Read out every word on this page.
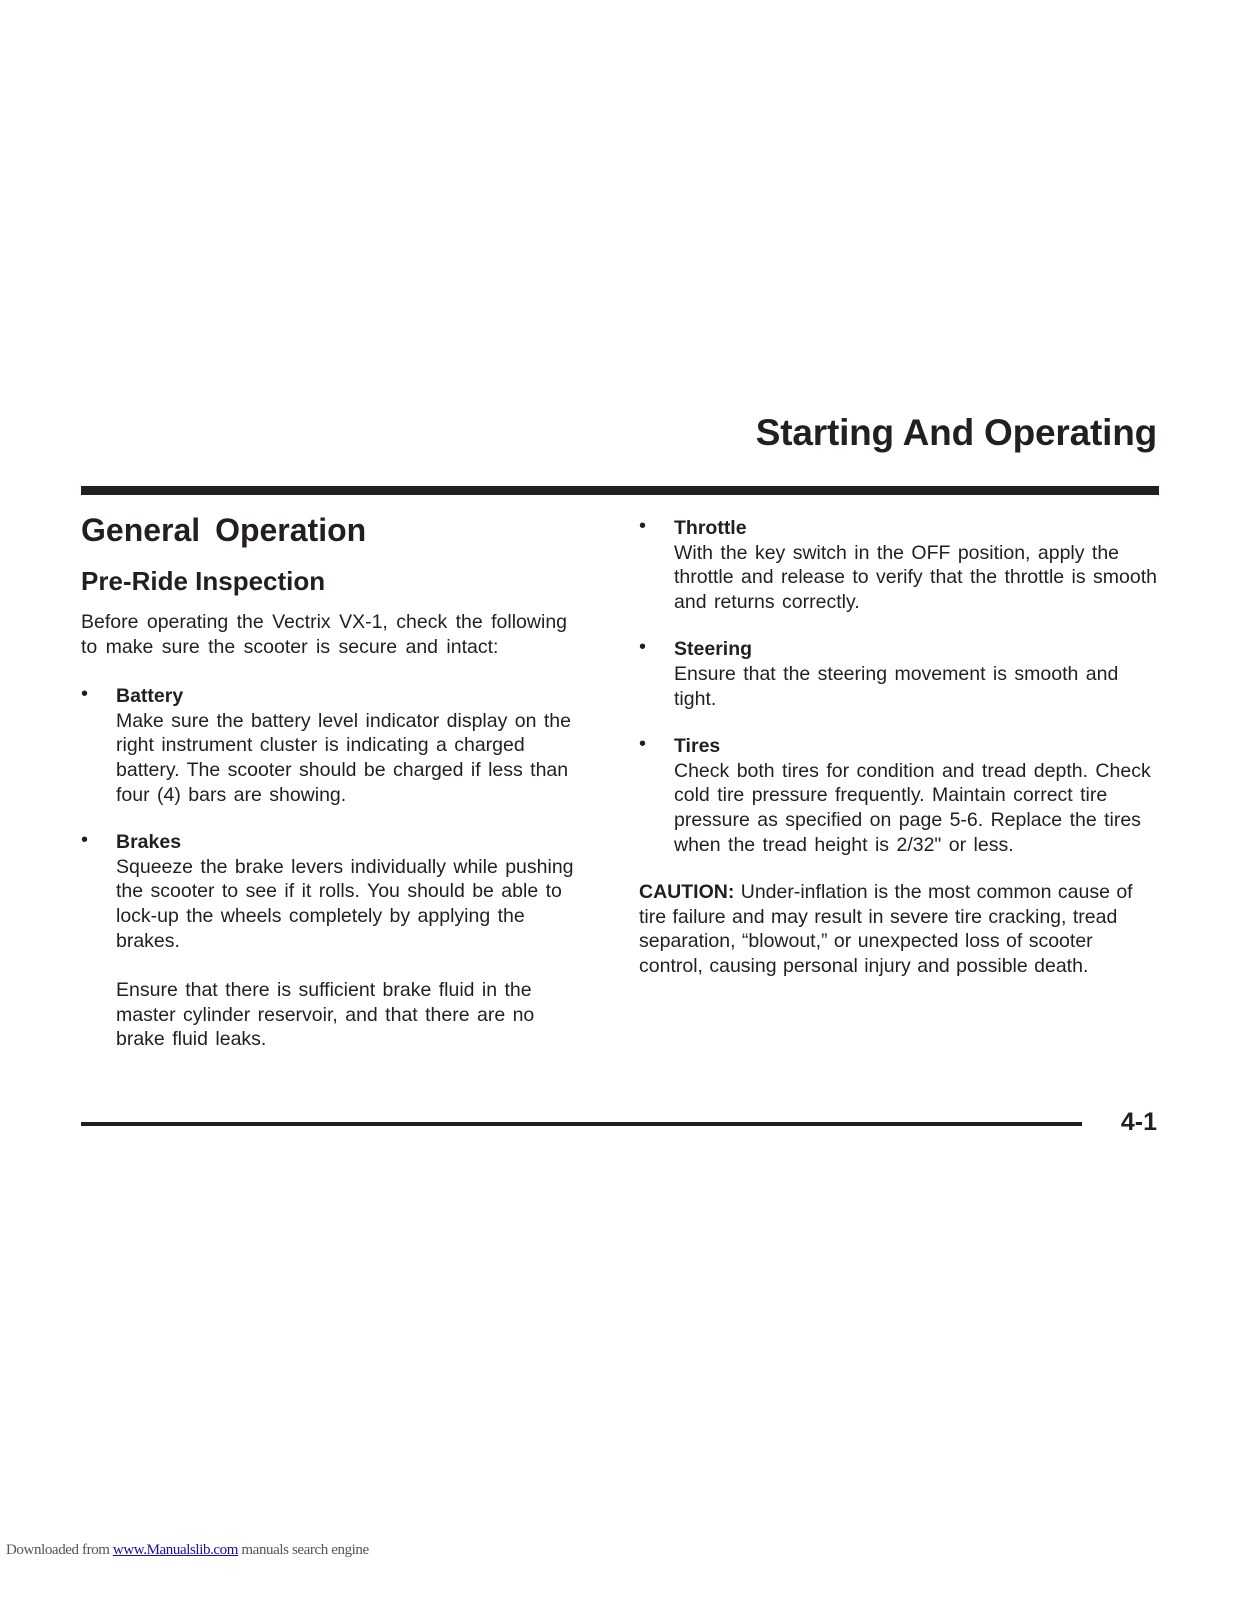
Starting And Operating
General Operation
Pre-Ride Inspection

Before operating the Vectrix VX-1, check the following to make sure the scooter is secure and intact:

• Battery

Make sure the battery level indicator display on the right instrument cluster is indicating a charged battery. The scooter should be charged if less than four (4) bars are showing.

• Brakes

Squeeze the brake levers individually while pushing the scooter to see if it rolls. You should be able to lock-up the wheels completely by applying the brakes.

Ensure that there is sufficient brake fluid in the master cylinder reservoir, and that there are no brake fluid leaks.

• Throttle

With the key switch in the OFF position, apply the throttle and release to verify that the throttle is smooth and returns correctly.

• Steering

Ensure that the steering movement is smooth and tight.

• Tires

Check both tires for condition and tread depth. Check cold tire pressure frequently. Maintain correct tire pressure as specified on page 5-6. Replace the tires when the tread height is 2/32" or less.

CAUTION: Under-inflation is the most common cause of tire failure and may result in severe tire cracking, tread separation, “blowout,” or unexpected loss of scooter control, causing personal injury and possible death.

4-1
Downloaded from www.Manualslib.com manuals search engine
